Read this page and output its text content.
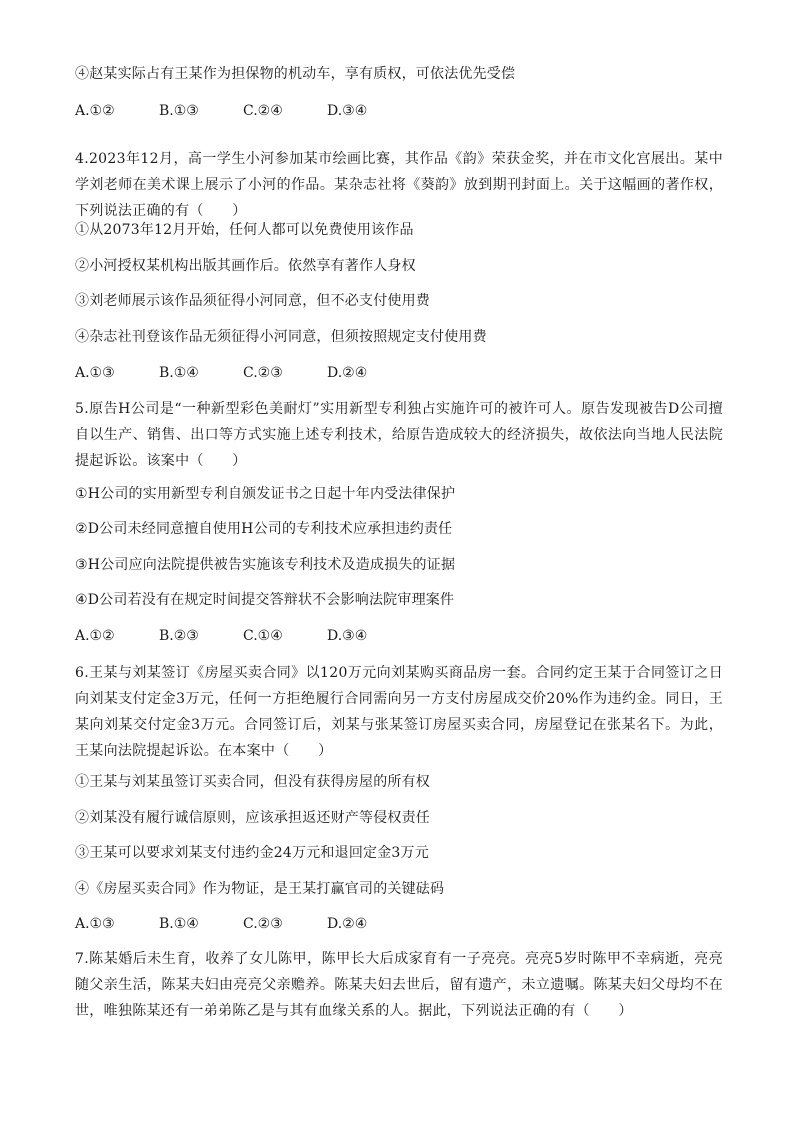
④赵某实际占有王某作为担保物的机动车，享有质权，可依法优先受偿

A.①②	B.①③	C.②④	D.③④

4.2023年12月，高一学生小河参加某市绘画比赛，其作品《韵》荣获金奖，并在市文化宫展出。某中学刘老师在美术课上展示了小河的作品。某杂志社将《葵韵》放到期刊封面上。关于这幅画的著作权，下列说法正确的有（　　）

①从2073年12月开始，任何人都可以免费使用该作品

②小河授权某机构出版其画作后。依然享有著作人身权

③刘老师展示该作品须征得小河同意，但不必支付使用费

④杂志社刊登该作品无须征得小河同意，但须按照规定支付使用费

A.①③	B.①④	C.②③	D.②④

5.原告H公司是“一种新型彩色美耐灯”实用新型专利独占实施许可的被许可人。原告发现被告D公司擅自以生产、销售、出口等方式实施上述专利技术，给原告造成较大的经济损失，故依法向当地人民法院提起诉讼。该案中（　　）

①H公司的实用新型专利自颁发证书之日起十年内受法律保护

②D公司未经同意擅自使用H公司的专利技术应承担违约责任

③H公司应向法院提供被告实施该专利技术及造成损失的证据

④D公司若没有在规定时间提交答辩状不会影响法院审理案件

A.①②	B.②③	C.①④	D.③④

6.王某与刘某签订《房屋买卖合同》以120万元向刘某购买商品房一套。合同约定王某于合同签订之日向刘某支付定金3万元，任何一方拒绝履行合同需向另一方支付房屋成交价20%作为违约金。同日，王某向刘某交付定金3万元。合同签订后，刘某与张某签订房屋买卖合同，房屋登记在张某名下。为此，王某向法院提起诉讼。在本案中（　　）

①王某与刘某虽签订买卖合同，但没有获得房屋的所有权

②刘某没有履行诚信原则，应该承担返还财产等侵权责任

③王某可以要求刘某支付违约金24万元和退回定金3万元

④《房屋买卖合同》作为物证，是王某打赢官司的关键砝码

A.①③	B.①④	C.②③	D.②④

7.陈某婚后未生育，收养了女儿陈甲，陈甲长大后成家育有一子亮亮。亮亮5岁时陈甲不幸病逝，亮亮随父亲生活，陈某夫妇由亮亮父亲赡养。陈某夫妇去世后，留有遗产，未立遗嘱。陈某夫妇父母均不在世，唯独陈某还有一弟弟陈乙是与其有血缘关系的人。据此，下列说法正确的有（　　）
